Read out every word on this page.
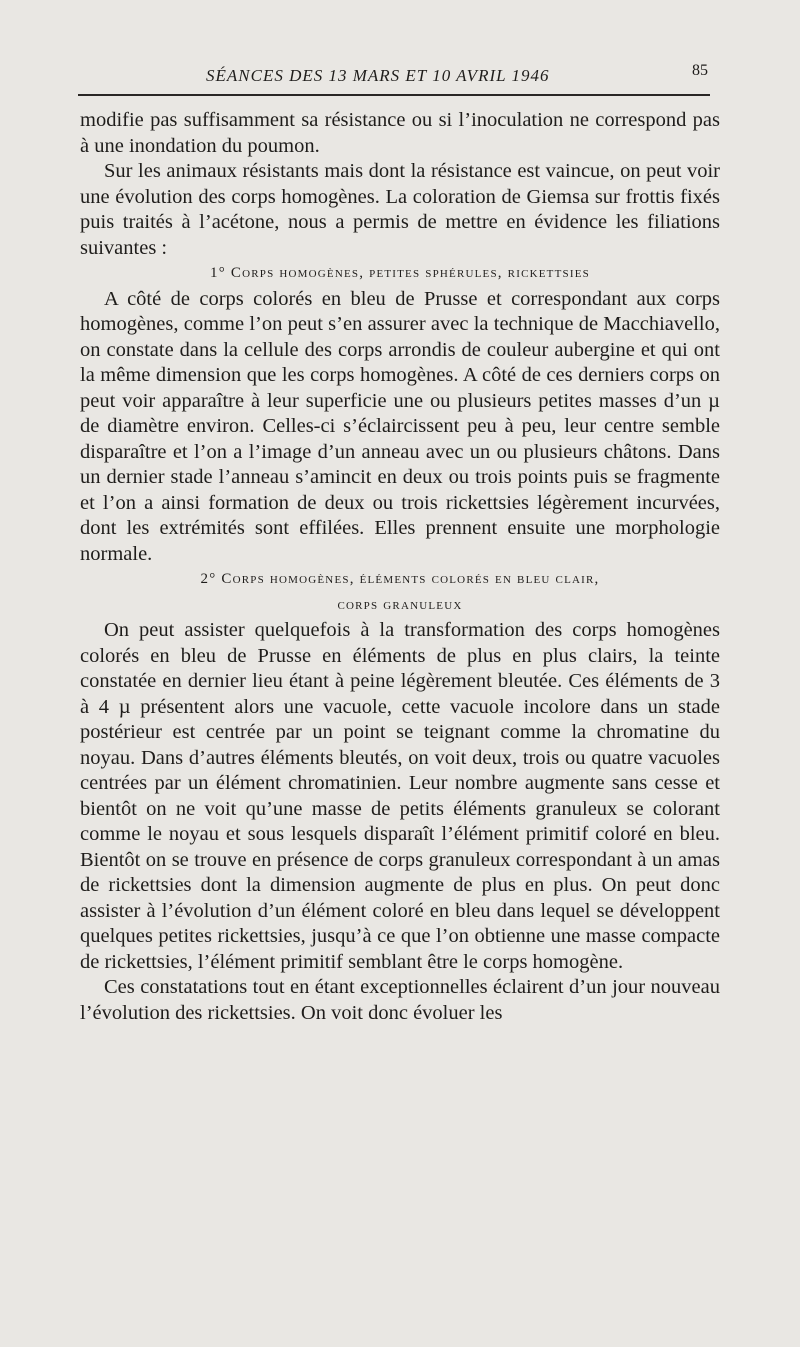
SÉANCES DES 13 MARS ET 10 AVRIL 1946	85

modifie pas suffisamment sa résistance ou si l’inoculation ne correspond pas à une inondation du poumon.

Sur les animaux résistants mais dont la résistance est vaincue, on peut voir une évolution des corps homogènes. La coloration de Giemsa sur frottis fixés puis traités à l’acétone, nous a permis de mettre en évidence les filiations suivantes :

1° Corps homogènes, petites sphérules, rickettsies

A côté de corps colorés en bleu de Prusse et correspondant aux corps homogènes, comme l’on peut s’en assurer avec la technique de Macchiavello, on constate dans la cellule des corps arrondis de couleur aubergine et qui ont la même dimension que les corps homogènes. A côté de ces derniers corps on peut voir apparaître à leur superficie une ou plusieurs petites masses d’un µ de diamètre environ. Celles-ci s’éclaircissent peu à peu, leur centre semble disparaître et l’on a l’image d’un anneau avec un ou plusieurs châtons. Dans un dernier stade l’anneau s’amincit en deux ou trois points puis se fragmente et l’on a ainsi formation de deux ou trois rickettsies légèrement incurvées, dont les extrémités sont effilées. Elles prennent ensuite une morphologie normale.

2° Corps homogènes, éléments colorés en bleu clair,

corps granuleux

On peut assister quelquefois à la transformation des corps homogènes colorés en bleu de Prusse en éléments de plus en plus clairs, la teinte constatée en dernier lieu étant à peine légèrement bleutée. Ces éléments de 3 à 4 µ présentent alors une vacuole, cette vacuole incolore dans un stade postérieur est centrée par un point se teignant comme la chromatine du noyau. Dans d’autres éléments bleutés, on voit deux, trois ou quatre vacuoles centrées par un élément chromatinien. Leur nombre augmente sans cesse et bientôt on ne voit qu’une masse de petits éléments granuleux se colorant comme le noyau et sous lesquels disparaît l’élément primitif coloré en bleu. Bientôt on se trouve en présence de corps granuleux correspondant à un amas de rickettsies dont la dimension augmente de plus en plus. On peut donc assister à l’évolution d’un élément coloré en bleu dans lequel se développent quelques petites rickettsies, jusqu’à ce que l’on obtienne une masse compacte de rickettsies, l’élément primitif semblant être le corps homogène.

Ces constatations tout en étant exceptionnelles éclairent d’un jour nouveau l’évolution des rickettsies. On voit donc évoluer les
